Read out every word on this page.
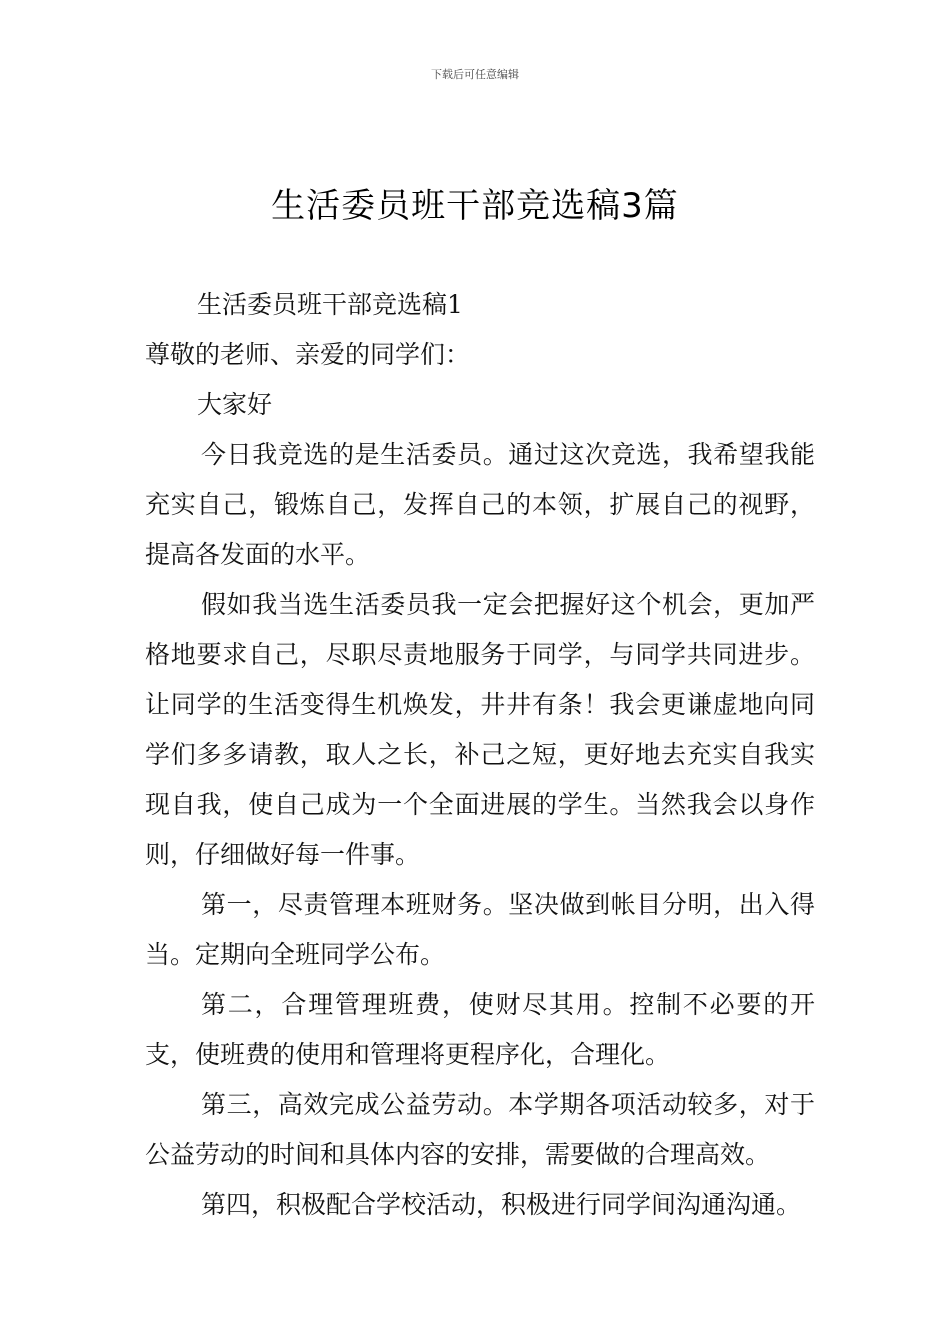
下载后可任意编辑
生活委员班干部竞选稿3篇

生活委员班干部竞选稿1

尊敬的老师、亲爱的同学们：

大家好

今日我竞选的是生活委员。通过这次竞选，我希望我能充实自己，锻炼自己，发挥自己的本领，扩展自己的视野，提高各发面的水平。

假如我当选生活委员我一定会把握好这个机会，更加严格地要求自己，尽职尽责地服务于同学，与同学共同进步。让同学的生活变得生机焕发，井井有条！我会更谦虚地向同学们多多请教，取人之长，补己之短，更好地去充实自我实现自我，使自己成为一个全面进展的学生。当然我会以身作则，仔细做好每一件事。

第一，尽责管理本班财务。坚决做到帐目分明，出入得当。定期向全班同学公布。

第二，合理管理班费，使财尽其用。控制不必要的开支，使班费的使用和管理将更程序化，合理化。

第三，高效完成公益劳动。本学期各项活动较多，对于公益劳动的时间和具体内容的安排，需要做的合理高效。

第四，积极配合学校活动，积极进行同学间沟通沟通。
